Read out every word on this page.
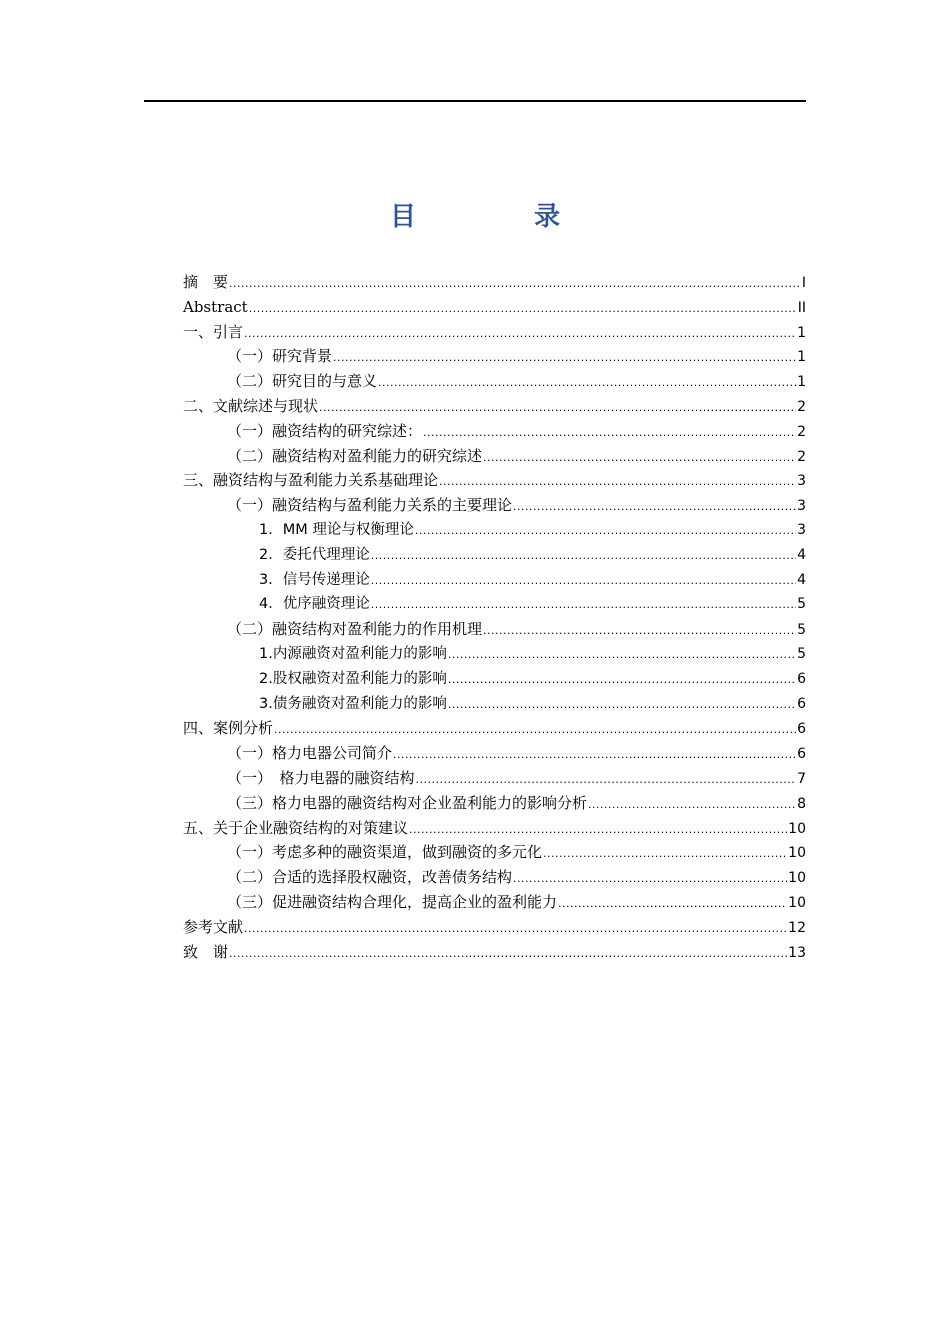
目　录
摘　要 .....	I
Abstract .....	II
一、引言 .....	1
（一）研究背景 .....	1
（二）研究目的与意义 .....	1
二、文献综述与现状 .....	2
（一）融资结构的研究综述： .....	2
（二）融资结构对盈利能力的研究综述 .....	2
三、融资结构与盈利能力关系基础理论 .....	3
（一）融资结构与盈利能力关系的主要理论 .....	3
1．MM 理论与权衡理论 .....	3
2．委托代理理论 .....	4
3．信号传递理论 .....	4
4．优序融资理论 .....	5
（二）融资结构对盈利能力的作用机理 .....	5
1.内源融资对盈利能力的影响 .....	5
2.股权融资对盈利能力的影响 .....	6
3.债务融资对盈利能力的影响 .....	6
四、案例分析 .....	6
（一）格力电器公司简介 .....	6
（一）　格力电器的融资结构 .....	7
（三）格力电器的融资结构对企业盈利能力的影响分析 .....	8
五、关于企业融资结构的对策建议 .....	10
（一）考虑多种的融资渠道，做到融资的多元化 .....	10
（二）合适的选择股权融资，改善债务结构 .....	10
（三）促进融资结构合理化，提高企业的盈利能力 .....	10
参考文献 .....	12
致　谢 .....	13
